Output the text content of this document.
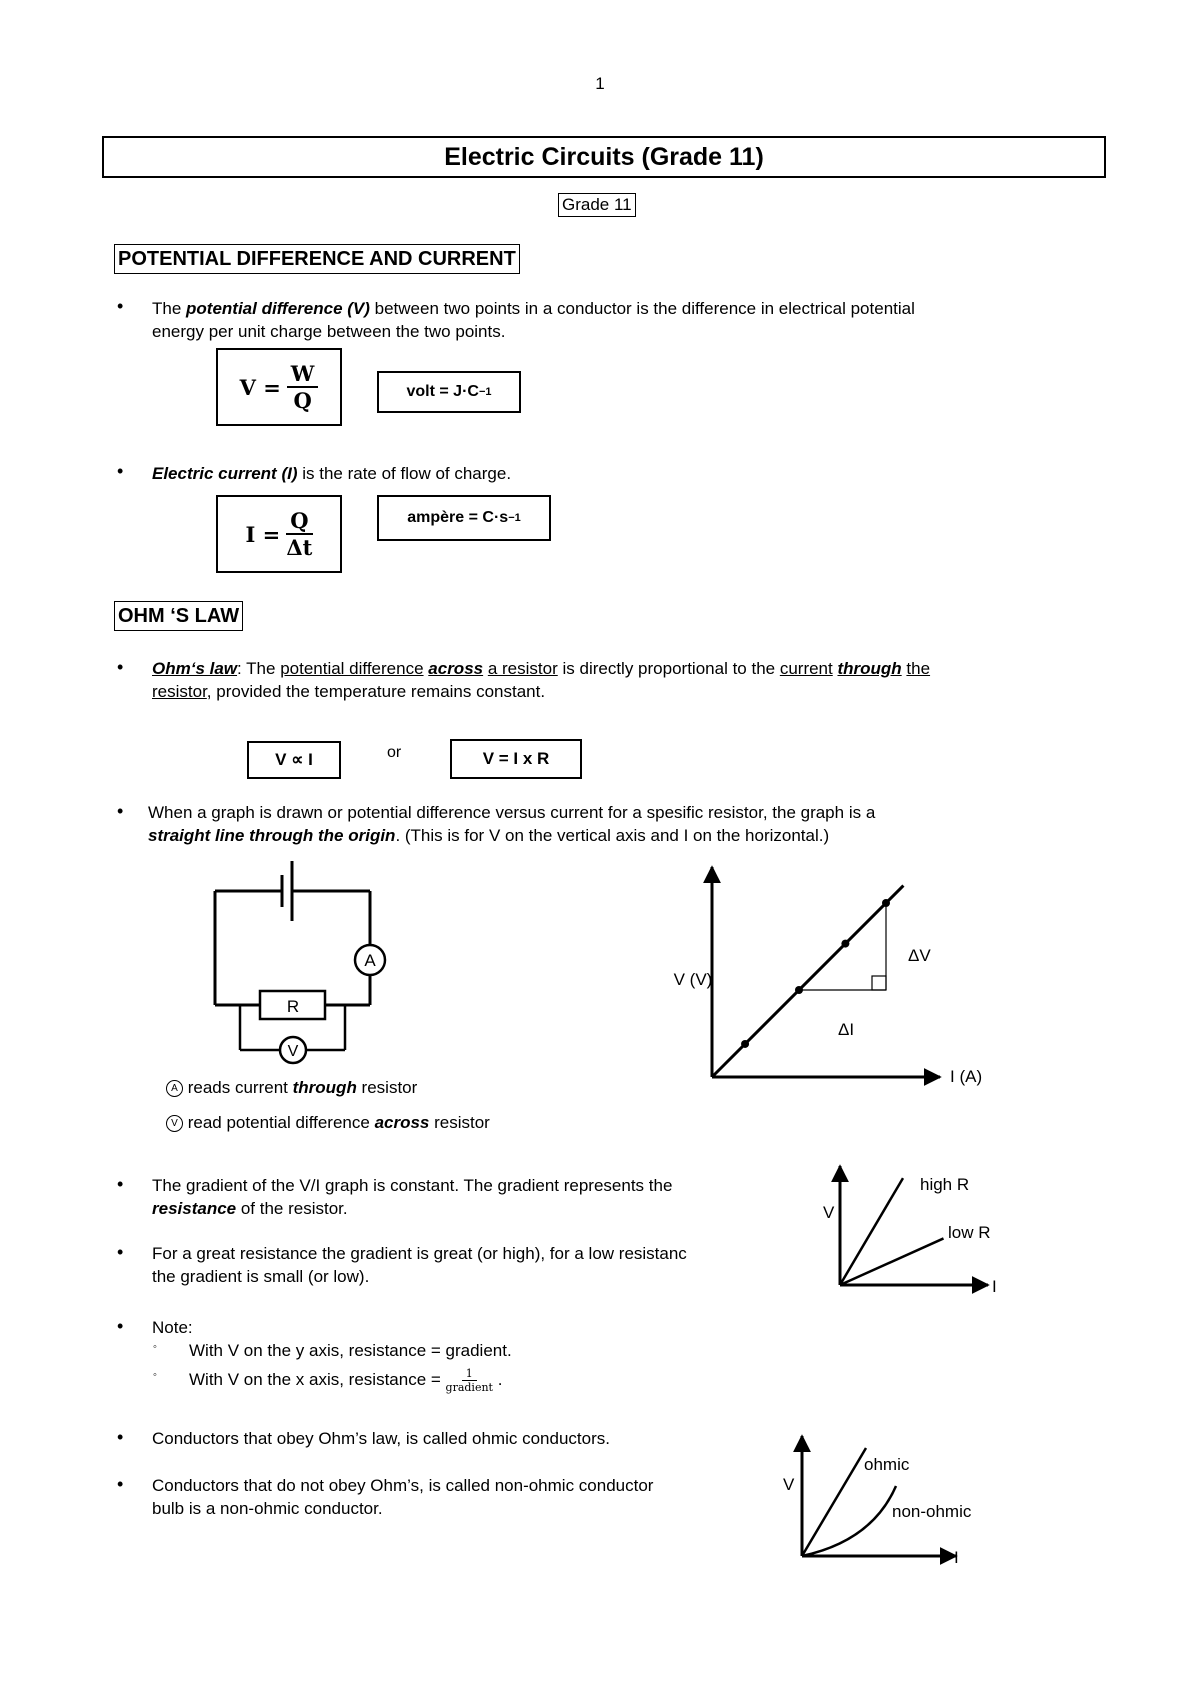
1
Electric Circuits (Grade 11)
Grade 11
POTENTIAL DIFFERENCE AND CURRENT
• The potential difference (V) between two points in a conductor is the difference in electrical potential
energy per unit charge between the two points.
$V = \frac{W}{Q}$	volt = J·C −1
• Electric current (I) is the rate of flow of charge.
$I = \frac{Q}{\Delta t}$	ampère = C·s −1
OHM ‘S LAW
• Ohm‘s law: The potential difference across a resistor is directly proportional to the current through the
resistor, provided the temperature remains constant.
V ∝ I	or	V = I x R
• When a graph is drawn or potential difference versus current for a spesific resistor, the graph is a
straight line through the origin. (This is for V on the vertical axis and I on the horizontal.)
A
R
V
A reads current through resistor
V read potential difference across resistor
V (V)
I (A)
ΔV
ΔI
• The gradient of the V/I graph is constant. The gradient represents the
resistance of the resistor.
• For a great resistance the gradient is great (or high), for a low resistanc
the gradient is small (or low).
V
I
high R
low R
• Note:
◦ With V on the y axis, resistance = gradient.
◦ With V on the x axis, resistance = $\frac{1}{\text{gradient}}$ .
• Conductors that obey Ohm’s law, is called ohmic conductors.
• Conductors that do not obey Ohm’s, is called non-ohmic conductor
bulb is a non-ohmic conductor.
V
I
ohmic
non-ohmic
